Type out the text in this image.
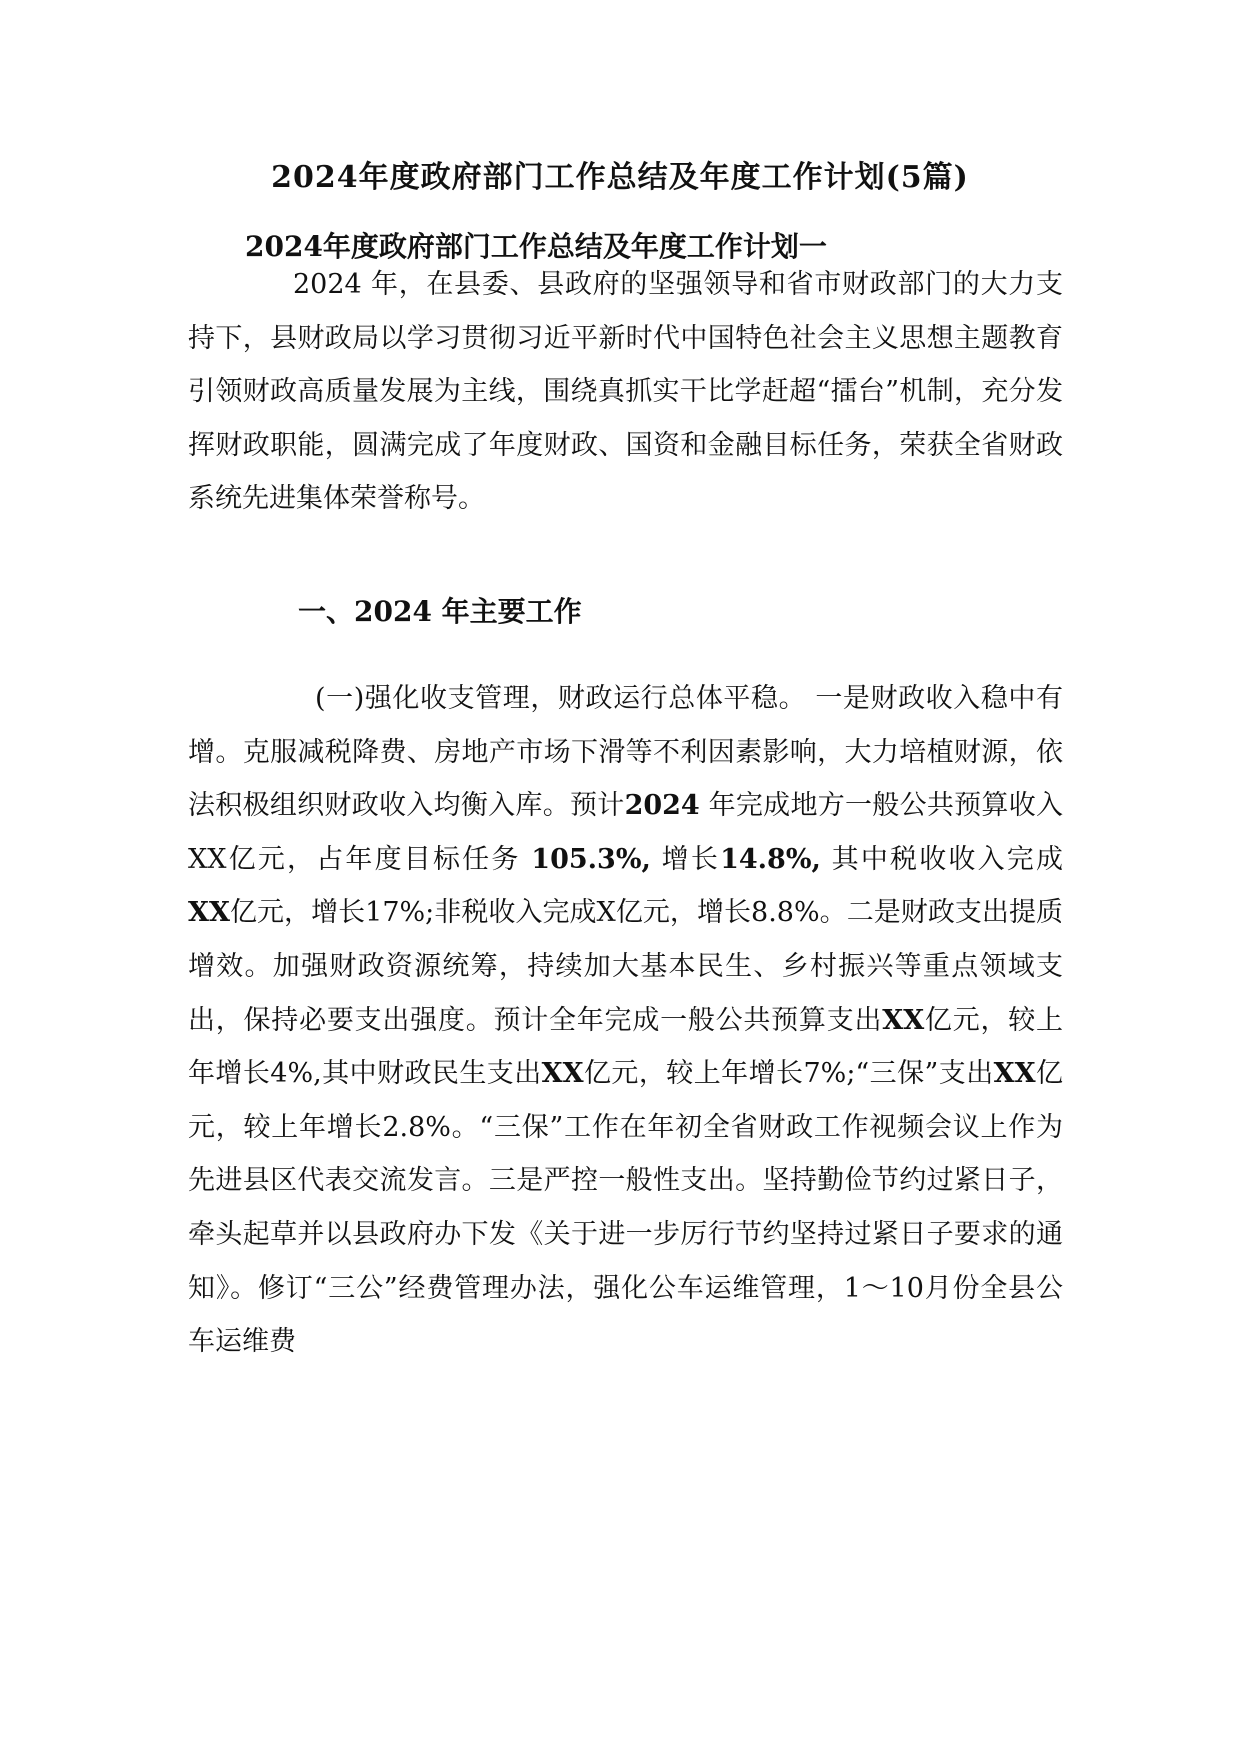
2024年度政府部门工作总结及年度工作计划(5篇)
2024年度政府部门工作总结及年度工作计划一

2024 年，在县委、县政府的坚强领导和省市财政部门的大力支持下，县财政局以学习贯彻习近平新时代中国特色社会主义思想主题教育引领财政高质量发展为主线，围绕真抓实干比学赶超“擂台”机制，充分发挥财政职能，圆满完成了年度财政、国资和金融目标任务，荣获全省财政系统先进集体荣誉称号。

一、2024 年主要工作

(一)强化收支管理，财政运行总体平稳。 一是财政收入稳中有增。克服减税降费、房地产市场下滑等不利因素影响，大力培植财源，依法积极组织财政收入均衡入库。预计2024 年完成地方一般公共预算收入XX亿元，占年度目标任务 105.3%, 增长14.8%, 其中税收收入完成 XX亿元，增长17%;非税收入完成X亿元，增长8.8%。二是财政支出提质增效。加强财政资源统筹，持续加大基本民生、乡村振兴等重点领域支出，保持必要支出强度。预计全年完成一般公共预算支出XX亿元，较上年增长4%,其中财政民生支出XX亿元，较上年增长7%;“三保”支出XX亿元，较上年增长2.8%。“三保”工作在年初全省财政工作视频会议上作为先进县区代表交流发言。三是严控一般性支出。坚持勤俭节约过紧日子，牵头起草并以县政府办下发《关于进一步厉行节约坚持过紧日子要求的通知》。修订“三公”经费管理办法，强化公车运维管理，1～10月份全县公车运维费
